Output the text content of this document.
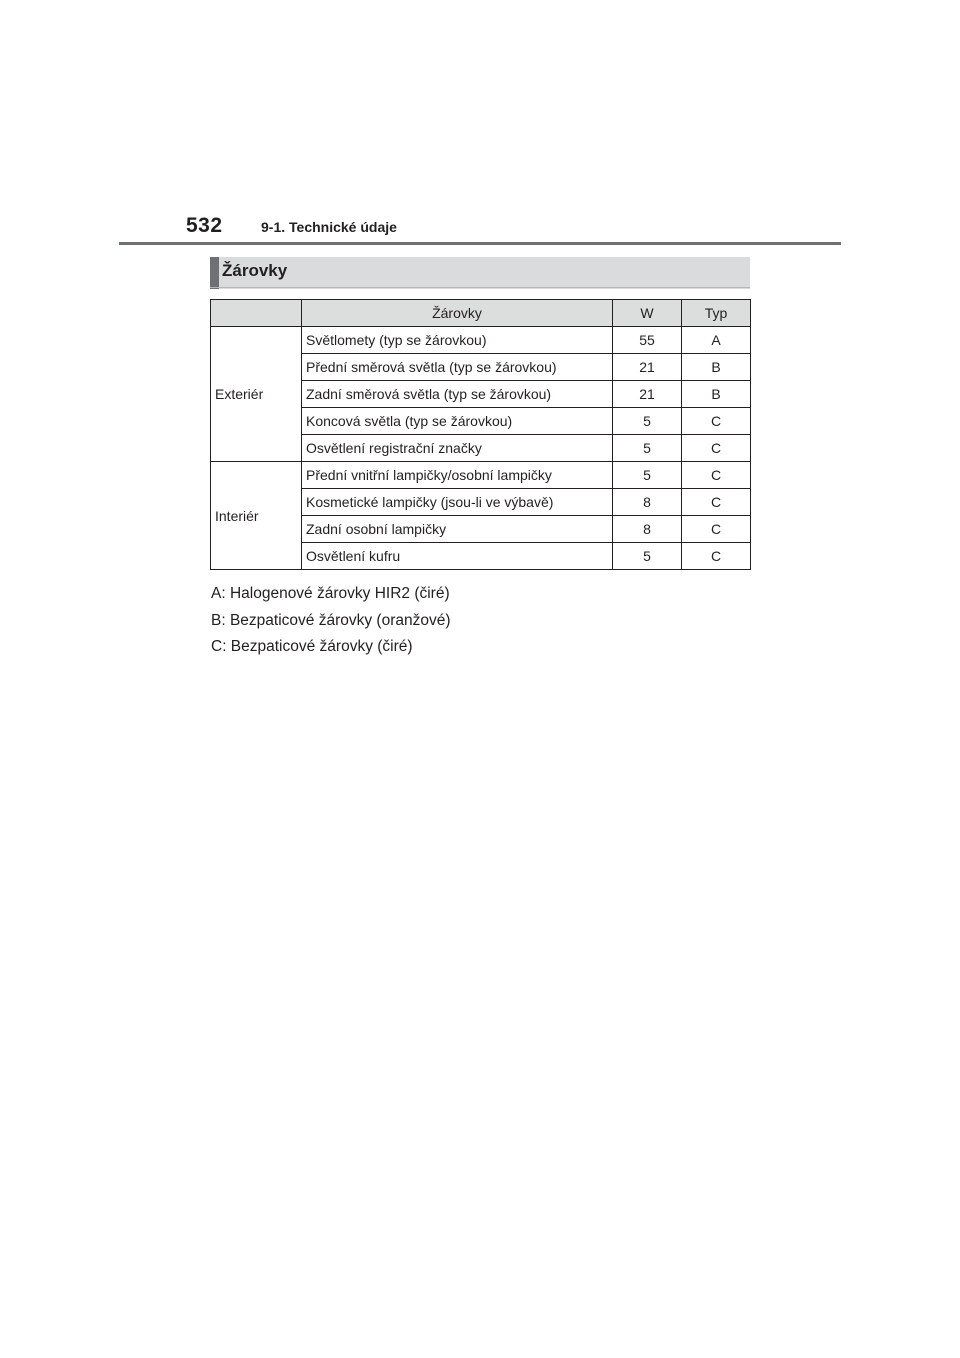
532	9-1. Technické údaje
Žárovky
	Žárovky	W	Typ
Exteriér	Světlomety (typ se žárovkou)	55	A
	Přední směrová světla (typ se žárovkou)	21	B
	Zadní směrová světla (typ se žárovkou)	21	B
	Koncová světla (typ se žárovkou)	5	C
	Osvětlení registrační značky	5	C
Interiér	Přední vnitřní lampičky/osobní lampičky	5	C
	Kosmetické lampičky (jsou-li ve výbavě)	8	C
	Zadní osobní lampičky	8	C
	Osvětlení kufru	5	C

A: Halogenové žárovky HIR2 (čiré)

B: Bezpaticové žárovky (oranžové)

C: Bezpaticové žárovky (čiré)
